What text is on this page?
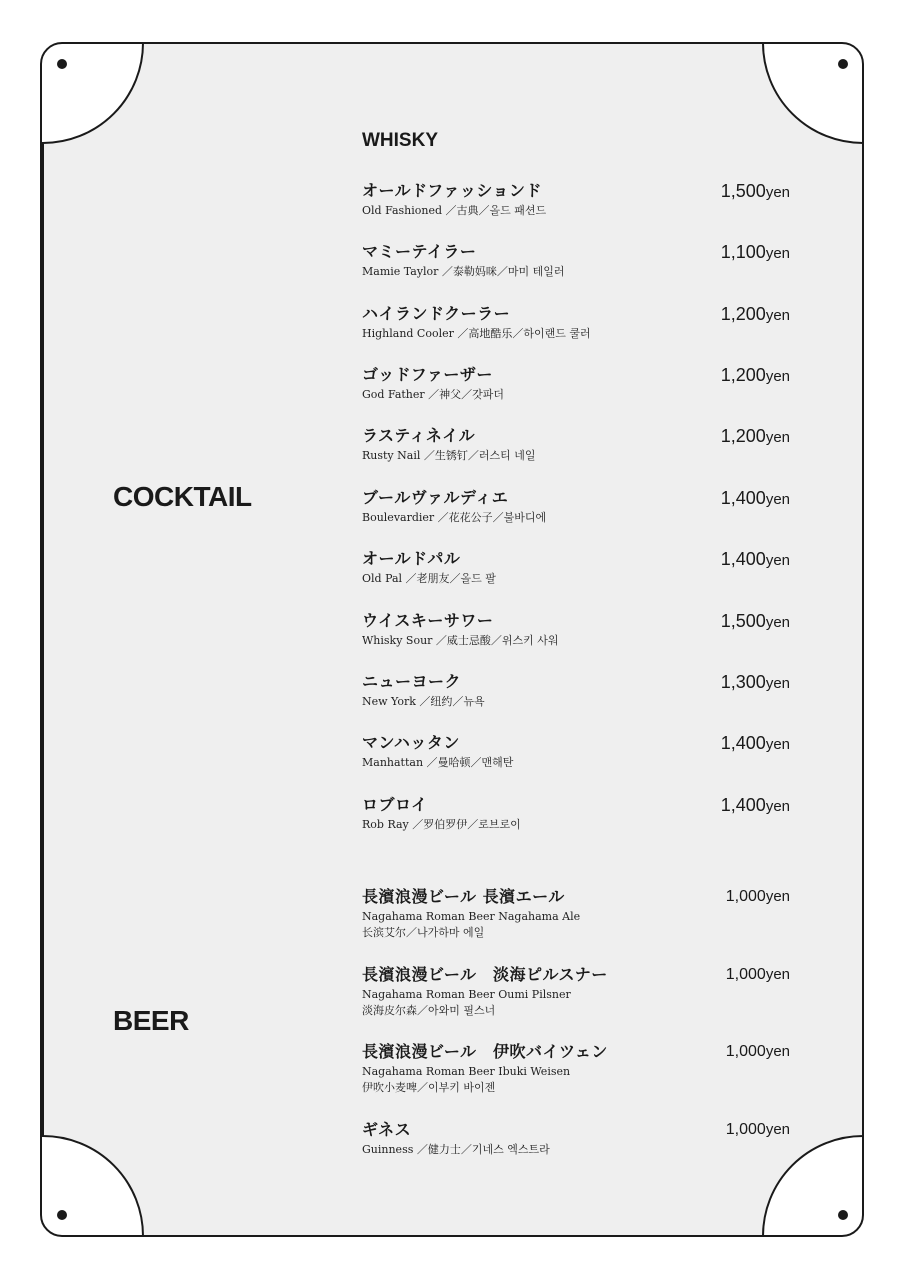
COCKTAIL
WHISKY
オールドファッションド
Old Fashioned ／古典／올드 패션드
1,500yen
マミーテイラー
Mamie Taylor ／泰勒妈咪／마미 테일러
1,100yen
ハイランドクーラー
Highland Cooler ／高地酷乐／하이랜드 쿨러
1,200yen
ゴッドファーザー
God Father ／神父／갓파더
1,200yen
ラスティネイル
Rusty Nail ／生锈钉／러스티 네일
1,200yen
ブールヴァルディエ
Boulevardier ／花花公子／불바디에
1,400yen
オールドパル
Old Pal ／老朋友／올드 팔
1,400yen
ウイスキーサワー
Whisky Sour ／威士忌酸／위스키 사워
1,500yen
ニューヨーク
New York ／纽约／뉴욕
1,300yen
マンハッタン
Manhattan ／曼哈顿／맨해탄
1,400yen
ロブロイ
Rob Ray ／罗伯罗伊／로브로이
1,400yen
BEER
長濱浪漫ビール 長濱エール
Nagahama Roman Beer Nagahama Ale
长滨艾尔／나가하마 에일
1,000yen
長濱浪漫ビール　淡海ピルスナー
Nagahama Roman Beer Oumi Pilsner
淡海皮尔森／아와미 필스너
1,000yen
長濱浪漫ビール　伊吹バイツェン
Nagahama Roman Beer Ibuki Weisen
伊吹小麦啤／이부키 바이젠
1,000yen
ギネス
Guinness ／健力士／기네스 엑스트라
1,000yen
